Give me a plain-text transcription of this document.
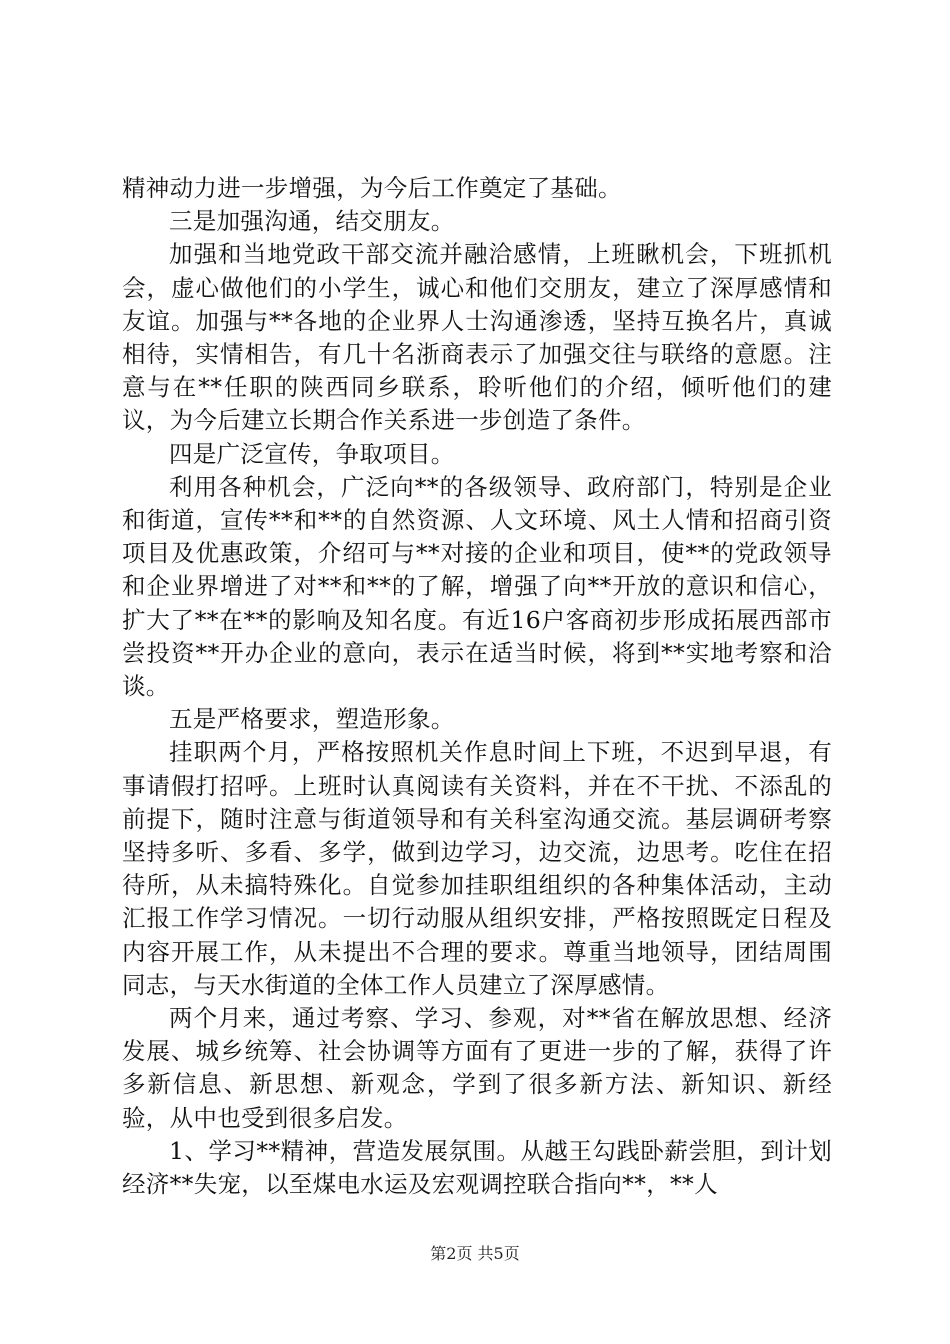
精神动力进一步增强，为今后工作奠定了基础。

三是加强沟通，结交朋友。

加强和当地党政干部交流并融洽感情，上班瞅机会，下班抓机会，虚心做他们的小学生，诚心和他们交朋友，建立了深厚感情和友谊。加强与**各地的企业界人士沟通渗透，坚持互换名片，真诚相待，实情相告，有几十名浙商表示了加强交往与联络的意愿。注意与在**任职的陕西同乡联系，聆听他们的介绍，倾听他们的建议，为今后建立长期合作关系进一步创造了条件。

四是广泛宣传，争取项目。

利用各种机会，广泛向**的各级领导、政府部门，特别是企业和街道，宣传**和**的自然资源、人文环境、风土人情和招商引资项目及优惠政策，介绍可与**对接的企业和项目，使**的党政领导和企业界增进了对**和**的了解，增强了向**开放的意识和信心，扩大了**在**的影响及知名度。有近16户客商初步形成拓展西部市尝投资**开办企业的意向，表示在适当时候，将到**实地考察和洽谈。

五是严格要求，塑造形象。

挂职两个月，严格按照机关作息时间上下班，不迟到早退，有事请假打招呼。上班时认真阅读有关资料，并在不干扰、不添乱的前提下，随时注意与街道领导和有关科室沟通交流。基层调研考察坚持多听、多看、多学，做到边学习，边交流，边思考。吃住在招待所，从未搞特殊化。自觉参加挂职组组织的各种集体活动，主动汇报工作学习情况。一切行动服从组织安排，严格按照既定日程及内容开展工作，从未提出不合理的要求。尊重当地领导，团结周围同志，与天水街道的全体工作人员建立了深厚感情。

两个月来，通过考察、学习、参观，对**省在解放思想、经济发展、城乡统筹、社会协调等方面有了更进一步的了解，获得了许多新信息、新思想、新观念，学到了很多新方法、新知识、新经验，从中也受到很多启发。

1、学习**精神，营造发展氛围。从越王勾践卧薪尝胆，到计划经济**失宠，以至煤电水运及宏观调控联合指向**，**人

第2页 共5页
